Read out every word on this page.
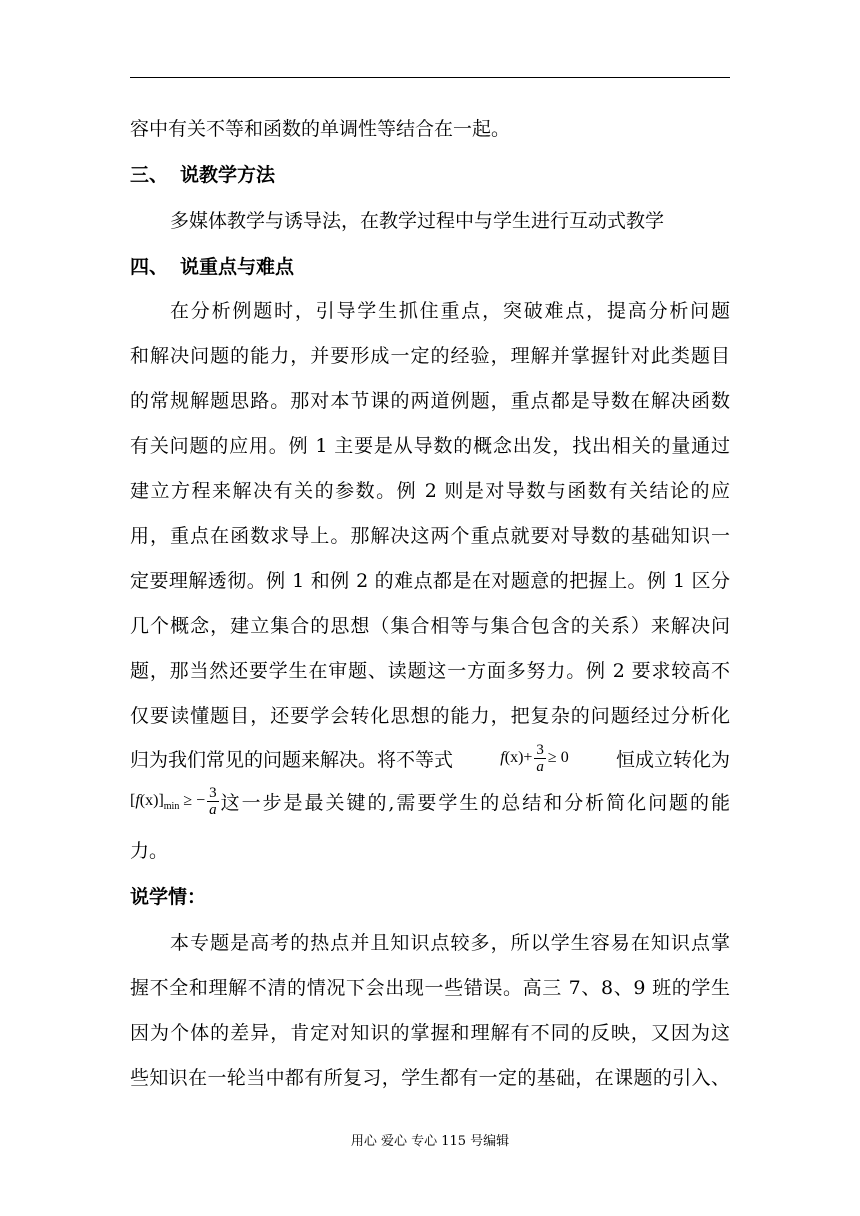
容中有关不等和函数的单调性等结合在一起。
三、 说教学方法
多媒体教学与诱导法，在教学过程中与学生进行互动式教学
四、 说重点与难点
在分析例题时，引导学生抓住重点，突破难点，提高分析问题
和解决问题的能力，并要形成一定的经验，理解并掌握针对此类题目
的常规解题思路。那对本节课的两道例题，重点都是导数在解决函数
有关问题的应用。例 1 主要是从导数的概念出发，找出相关的量通过
建立方程来解决有关的参数。例 2 则是对导数与函数有关结论的应
用，重点在函数求导上。那解决这两个重点就要对导数的基础知识一
定要理解透彻。例 1 和例 2 的难点都是在对题意的把握上。例 1 区分
几个概念，建立集合的思想（集合相等与集合包含的关系）来解决问
题，那当然还要学生在审题、读题这一方面多努力。例 2 要求较高不
仅要读懂题目，还要学会转化思想的能力，把复杂的问题经过分析化
归为我们常见的问题来解决。将不等式	$f(x)+ \frac{3}{a} \ge 0$ 恒成立转化为
$[f(x)]_{min}$ ≥ − $\frac{3}{a}$ 这一步是最关键的,需要学生的总结和分析简化问题的能
力。
说学情：
本专题是高考的热点并且知识点较多，所以学生容易在知识点掌
握不全和理解不清的情况下会出现一些错误。高三 7、8、9 班的学生
因为个体的差异，肯定对知识的掌握和理解有不同的反映，又因为这
些知识在一轮当中都有所复习，学生都有一定的基础，在课题的引入、
用心 爱心 专心 115 号编辑
